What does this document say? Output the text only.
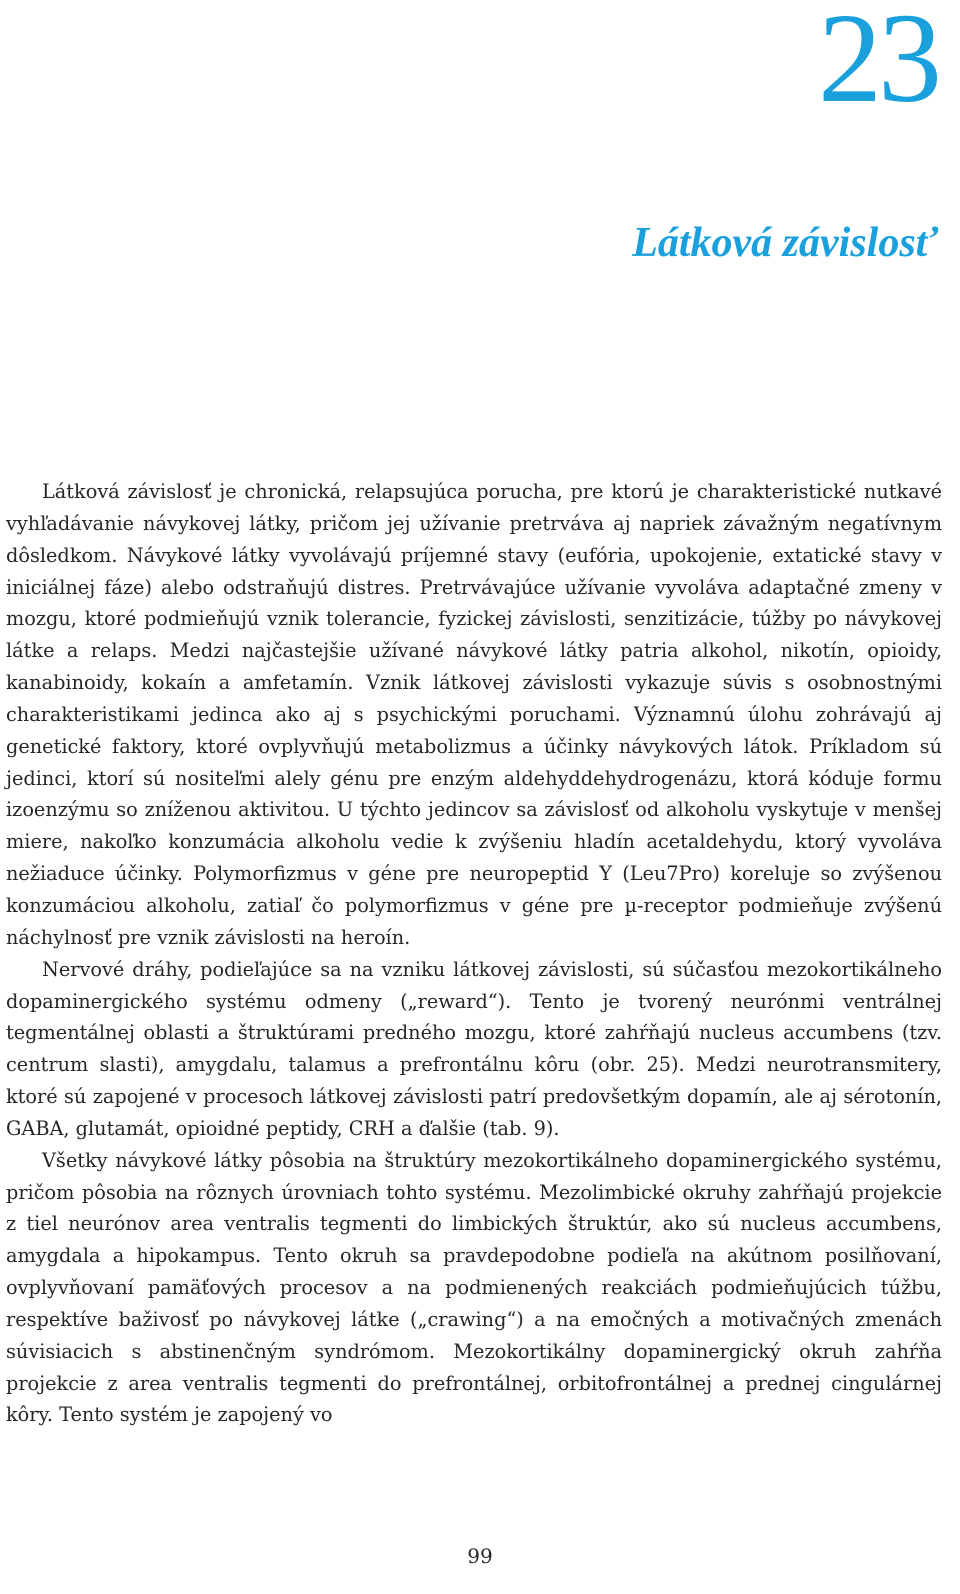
23
Látková závislosť

Látková závislosť je chronická, relapsujúca porucha, pre ktorú je charakteristické nutkavé vyhľadávanie návykovej látky, pričom jej užívanie pretrváva aj napriek závažným negatívnym dôsledkom. Návykové látky vyvolávajú príjemné stavy (eufória, upokojenie, extatické stavy v iniciálnej fáze) alebo odstraňujú distres. Pretrvávajúce užívanie vyvoláva adaptačné zmeny v mozgu, ktoré podmieňujú vznik tolerancie, fyzickej závislosti, senzitizácie, túžby po návykovej látke a relaps. Medzi najčastejšie užívané návykové látky patria alkohol, nikotín, opioidy, kanabinoidy, kokaín a amfetamín. Vznik látkovej závislosti vykazuje súvis s osobnostnými charakteristikami jedinca ako aj s psychickými poruchami. Významnú úlohu zohrávajú aj genetické faktory, ktoré ovplyvňujú metabolizmus a účinky návykových látok. Príkladom sú jedinci, ktorí sú nositeľmi alely génu pre enzým aldehyddehydrogenázu, ktorá kóduje formu izoenzýmu so zníženou aktivitou. U týchto jedincov sa závislosť od alkoholu vyskytuje v menšej miere, nakoľko konzumácia alkoholu vedie k zvýšeniu hladín acetaldehydu, ktorý vyvoláva nežiaduce účinky. Polymorfizmus v géne pre neuropeptid Y (Leu7Pro) koreluje so zvýšenou konzumáciou alkoholu, zatiaľ čo polymorfizmus v géne pre µ-receptor podmieňuje zvýšenú náchylnosť pre vznik závislosti na heroín.

Nervové dráhy, podieľajúce sa na vzniku látkovej závislosti, sú súčasťou mezokortikálneho dopaminergického systému odmeny („reward“). Tento je tvorený neurónmi ventrálnej tegmentálnej oblasti a štruktúrami predného mozgu, ktoré zahŕňajú nucleus accumbens (tzv. centrum slasti), amygdalu, talamus a prefrontálnu kôru (obr. 25). Medzi neurotransmitery, ktoré sú zapojené v procesoch látkovej závislosti patrí predovšetkým dopamín, ale aj sérotonín, GABA, glutamát, opioidné peptidy, CRH a ďalšie (tab. 9).

Všetky návykové látky pôsobia na štruktúry mezokortikálneho dopaminergického systému, pričom pôsobia na rôznych úrovniach tohto systému. Mezolimbické okruhy zahŕňajú projekcie z tiel neurónov area ventralis tegmenti do limbických štruktúr, ako sú nucleus accumbens, amygdala a hipokampus. Tento okruh sa pravdepodobne podieľa na akútnom posilňovaní, ovplyvňovaní pamäťových procesov a na podmienených reakciách podmieňujúcich túžbu, respektíve baživosť po návykovej látke („crawing“) a na emočných a motivačných zmenách súvisiacich s abstinenčným syndrómom. Mezokortikálny dopaminergický okruh zahŕňa projekcie z area ventralis tegmenti do prefrontálnej, orbitofrontálnej a prednej cingulárnej kôry. Tento systém je zapojený vo

99
